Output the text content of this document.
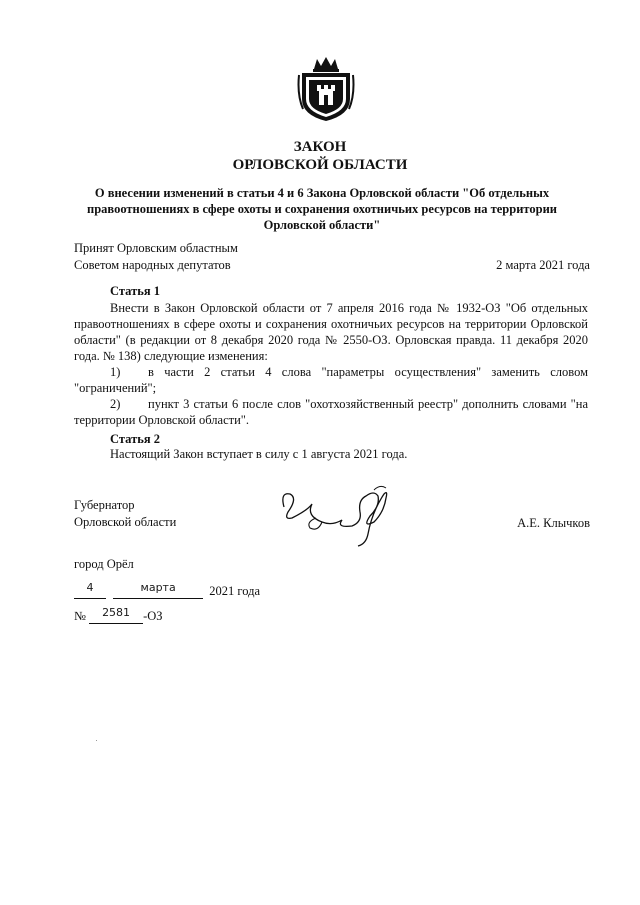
ЗАКОН
ОРЛОВСКОЙ ОБЛАСТИ
О внесении изменений в статьи 4 и 6 Закона Орловской области "Об отдельных правоотношениях в сфере охоты и сохранения охотничьих ресурсов на территории Орловской области"
Принят Орловским областным
Советом народных депутатов	2 марта 2021 года
Статья 1

Внести в Закон Орловской области от 7 апреля 2016 года № 1932-ОЗ "Об отдельных правоотношениях в сфере охоты и сохранения охотничьих ресурсов на территории Орловской области" (в редакции от 8 декабря 2020 года № 2550-ОЗ. Орловская правда. 11 декабря 2020 года. № 138) следующие изменения:

1) в части 2 статьи 4 слова "параметры осуществления" заменить словом "ограничений";

2) пункт 3 статьи 6 после слов "охотхозяйственный реестр" дополнить словами "на территории Орловской области".

Статья 2

Настоящий Закон вступает в силу с 1 августа 2021 года.

Губернатор
Орловской области	А.Е. Клычков
город Орёл
4	марта	2021 года
№ 2581 -ОЗ
